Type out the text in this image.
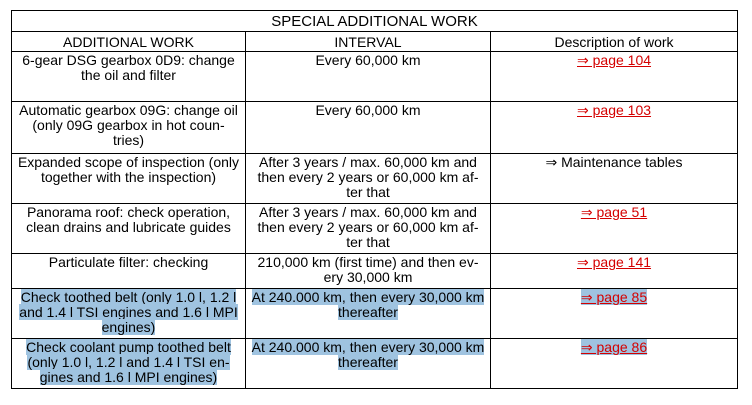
SPECIAL ADDITIONAL WORK		
ADDITIONAL WORK	INTERVAL	Description of work
6-gear DSG gearbox 0D9: change the oil and filter	Every 60,000 km	⇒ page 104
Automatic gearbox 09G: change oil (only 09G gearbox in hot coun- tries)	Every 60,000 km	⇒ page 103
Expanded scope of inspection (only together with the inspection)	After 3 years / max. 60,000 km and then every 2 years or 60,000 km af- ter that	⇒ Maintenance tables
Panorama roof: check operation, clean drains and lubricate guides	After 3 years / max. 60,000 km and then every 2 years or 60,000 km af- ter that	⇒ page 51
Particulate filter: checking	210,000 km (first time) and then ev- ery 30,000 km	⇒ page 141
Check toothed belt (only 1.0 l, 1.2 l and 1.4 l TSI engines and 1.6 l MPI engines)	At 240.000 km, then every 30,000 km thereafter	⇒ page 85
Check coolant pump toothed belt (only 1.0 l, 1.2 l and 1.4 l TSI en- gines and 1.6 l MPI engines)	At 240.000 km, then every 30,000 km thereafter	⇒ page 86
